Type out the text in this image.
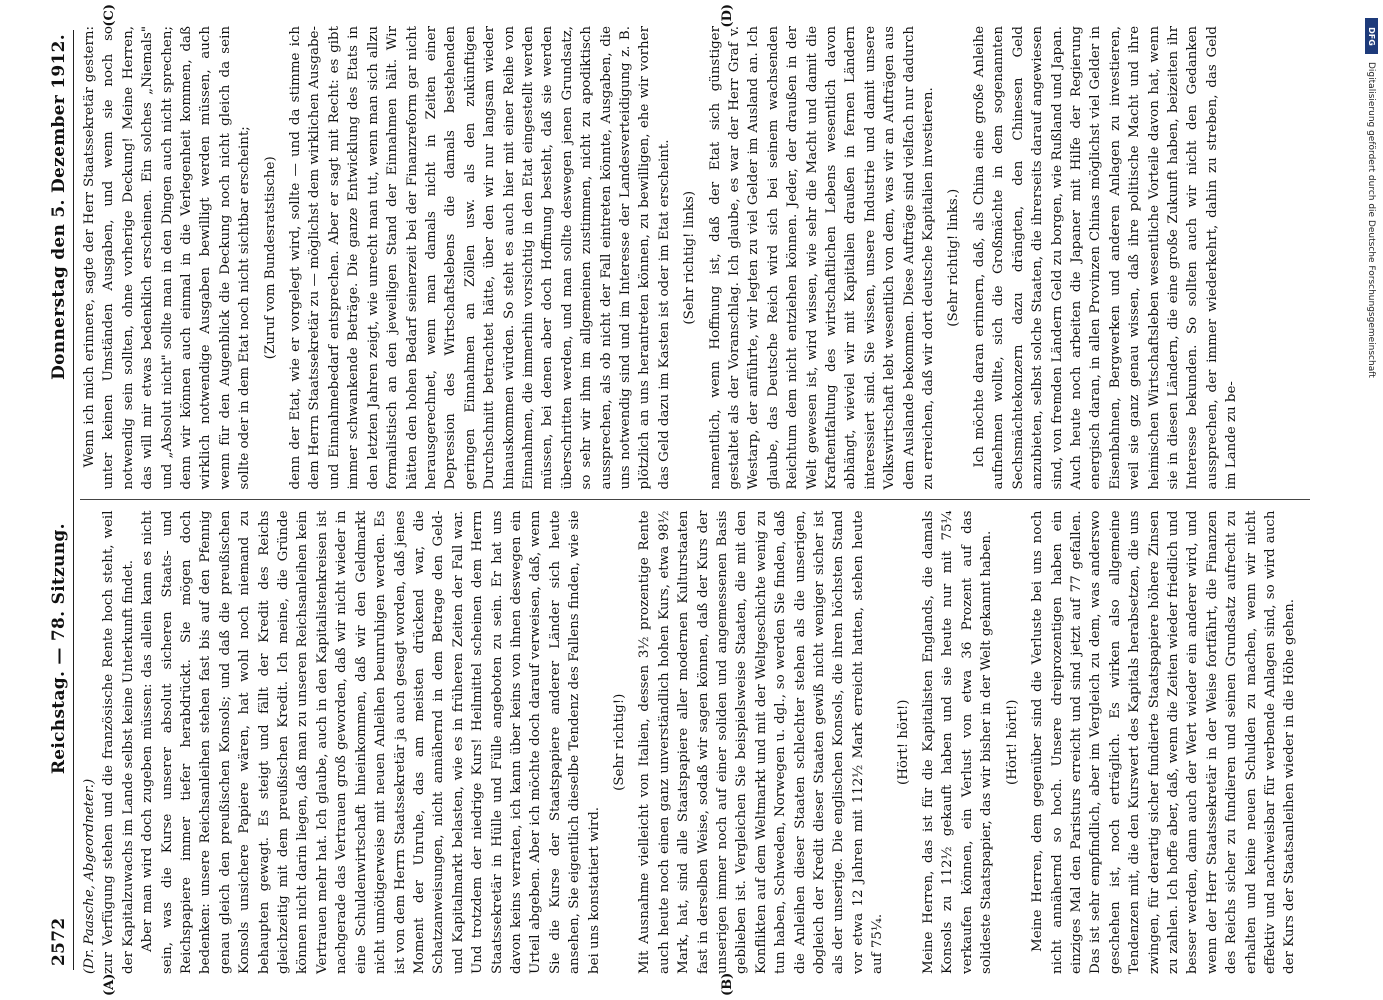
2572
Reichstag. — 78. Sitzung.
Donnerstag den 5. Dezember 1912.
(A)	(B)

(Dr. Paasche, Abgeordneter.) zur Verfügung stehen und die französische Rente hoch steht, weil der Kapitalzuwachs im Lande selbst keine Unterkunft findet. Aber man wird doch zugeben müssen: das allein kann es nicht sein, was die Kurse unserer absolut sicheren Staats- und Reichspapiere immer tiefer herabdrückt. Sie mögen doch bedenken: unsere Reichsanleihen stehen fast bis auf den Pfennig genau gleich den preußischen Konsols; und daß die preußischen Konsols unsichere Papiere wären, hat wohl noch niemand zu behaupten gewagt. Es steigt und fällt der Kredit des Reichs gleichzeitig mit dem preußischen Kredit. Ich meine, die Gründe können nicht darin liegen, daß man zu unseren Reichsanleihen kein Vertrauen mehr hat. Ich glaube, auch in den Kapitalistenkreisen ist nachgerade das Vertrauen groß geworden, daß wir nicht wieder in eine Schuldenwirtschaft hineinkommen, daß wir den Geldmarkt nicht unnötigerweise mit neuen Anleihen beunruhigen werden. Es ist von dem Herrn Staatssekretär ja auch gesagt worden, daß jenes Moment der Unruhe, das am meisten drückend war, die Schatzanweisungen, nicht annähernd in dem Betrage den Geld- und Kapitalmarkt belasten, wie es in früheren Zeiten der Fall war. Und trotzdem der niedrige Kurs! Heilmittel scheinen dem Herrn Staatssekretär in Hülle und Fülle angeboten zu sein. Er hat uns davon keins verraten, ich kann über keins von ihnen deswegen ein Urteil abgeben. Aber ich möchte doch darauf verweisen, daß, wenn Sie die Kurse der Staatspapiere anderer Länder sich heute ansehen, Sie eigentlich dieselbe Tendenz des Fallens finden, wie sie bei uns konstatiert wird.

(Sehr richtig!) Mit Ausnahme vielleicht von Italien, dessen 3½ prozentige Rente auch heute noch einen ganz unverständlich hohen Kurs, etwa 98½ Mark, hat, sind alle Staatspapiere aller modernen Kulturstaaten fast in derselben Weise, sodaß wir sagen können, daß der Kurs der unserigen immer noch auf einer soliden und angemessenen Basis geblieben ist. Vergleichen Sie beispielsweise Staaten, die mit den Konflikten auf dem Weltmarkt und mit der Weltgeschichte wenig zu tun haben, Schweden, Norwegen u. dgl., so werden Sie finden, daß die Anleihen dieser Staaten schlechter stehen als die unserigen, obgleich der Kredit dieser Staaten gewiß nicht weniger sicher ist als der unserige. Die englischen Konsols, die ihren höchsten Stand vor etwa 12 Jahren mit 112½ Mark erreicht hatten, stehen heute auf 75¼.

(Hört! hört!) Meine Herren, das ist für die Kapitalisten Englands, die damals Konsols zu 112½ gekauft haben und sie heute nur mit 75¼ verkaufen können, ein Verlust von etwa 36 Prozent auf das solideste Staatspapier, das wir bisher in der Welt gekannt haben. (Hört! hört!) Meine Herren, dem gegenüber sind die Verluste bei uns noch nicht annähernd so hoch. Unsere dreiprozentigen haben ein einziges Mal den Paristurs erreicht und sind jetzt auf 77 gefallen. Das ist sehr empfindlich, aber im Vergleich zu dem, was anderswo geschehen ist, noch erträglich. Es wirken also allgemeine Tendenzen mit, die den Kurswert des Kapitals herabsetzen, die uns zwingen, für derartig sicher fundierte Staatspapiere höhere Zinsen zu zahlen. Ich hoffe aber, daß, wenn die Zeiten wieder friedlich und besser werden, dann auch der Wert wieder ein anderer wird, und wenn der Herr Staatssekretär in der Weise fortfährt, die Finanzen des Reichs sicher zu fundieren und seinen Grundsatz aufrecht zu erhalten und keine neuen Schulden zu machen, wenn wir nicht effektiv und nachweisbar für werbende Anlagen sind, so wird auch der Kurs der Staatsanleihen wieder in die Höhe gehen.

(C)	(D)

Wenn ich mich erinnere, sagte der Herr Staatssekretär gestern: unter keinen Umständen Ausgaben, und wenn sie noch so notwendig sein sollten, ohne vorherige Deckung! Meine Herren, das will mir etwas bedenklich erscheinen. Ein solches „Niemals" und „Absolut nicht" sollte man in den Dingen auch nicht sprechen; denn wir können auch einmal in die Verlegenheit kommen, daß wirklich notwendige Ausgaben bewilligt werden müssen, auch wenn für den Augenblick die Deckung noch nicht gleich da sein sollte oder in dem Etat noch nicht sichtbar erscheint; (Zuruf vom Bundesratstische) denn der Etat, wie er vorgelegt wird, sollte — und da stimme ich dem Herrn Staatssekretär zu — möglichst dem wirklichen Ausgabe- und Einnahmebedarf entsprechen. Aber er sagt mit Recht: es gibt immer schwankende Beträge. Die ganze Entwicklung des Etats in den letzten Jahren zeigt, wie unrecht man tut, wenn man sich allzu formalistisch an den jeweiligen Stand der Einnahmen hält. Wir hätten den hohen Bedarf seinerzeit bei der Finanzreform gar nicht herausgerechnet, wenn man damals nicht in Zeiten einer Depression des Wirtschaftslebens die damals bestehenden geringen Einnahmen an Zöllen usw. als den zukünftigen Durchschnitt betrachtet hätte, über den wir nur langsam wieder hinauskommen würden. So steht es auch hier mit einer Reihe von Einnahmen, die immerhin vorsichtig in den Etat eingestellt werden müssen, bei denen aber doch Hoffnung besteht, daß sie werden überschritten werden, und man sollte deswegen jenen Grundsatz, so sehr wir ihm im allgemeinen zustimmen, nicht zu apodiktisch aussprechen, als ob nicht der Fall eintreten könnte, Ausgaben, die uns notwendig sind und im Interesse der Landesverteidigung z. B. plötzlich an uns herantreten können, zu bewilligen, ehe wir vorher das Geld dazu im Kasten ist oder im Etat erscheint. (Sehr richtig! links) namentlich, wenn Hoffnung ist, daß der Etat sich günstiger gestaltet als der Voranschlag. Ich glaube, es war der Herr Graf v. Westarp, der anführte, wir legten zu viel Gelder im Ausland an. Ich glaube, das Deutsche Reich wird sich bei seinem wachsenden Reichtum dem nicht entziehen können. Jeder, der draußen in der Welt gewesen ist, wird wissen, wie sehr die Macht und damit die Kraftentfaltung des wirtschaftlichen Lebens wesentlich davon abhängt, wieviel wir mit Kapitalien draußen in fernen Ländern interessiert sind. Sie wissen, unsere Industrie und damit unsere Volkswirtschaft lebt wesentlich von dem, was wir an Aufträgen aus dem Auslande bekommen. Diese Aufträge sind vielfach nur dadurch zu erreichen, daß wir dort deutsche Kapitalien investieren. (Sehr richtig! links.) Ich möchte daran erinnern, daß, als China eine große Anleihe aufnehmen wollte, sich die Großmächte in dem sogenannten Sechsmächtekonzern dazu drängten, den Chinesen Geld anzubieten, selbst solche Staaten, die ihrerseits darauf angewiesen sind, von fremden Ländern Geld zu borgen, wie Rußland und Japan. Auch heute noch arbeiten die Japaner mit Hilfe der Regierung energisch daran, in allen Provinzen Chinas möglichst viel Gelder in Eisenbahnen, Bergwerken und anderen Anlagen zu investieren, weil sie ganz genau wissen, daß ihre politische Macht und ihre heimischen Wirtschaftsleben wesentliche Vorteile davon hat, wenn sie in diesen Ländern, die eine große Zukunft haben, beizeiten ihr Interesse bekunden. So sollten auch wir nicht den Gedanken aussprechen, der immer wiederkehrt, dahin zu streben, das Geld im Lande zu be-

DFG
Digitalisierung gefördert durch die Deutsche Forschungsgemeinschaft
